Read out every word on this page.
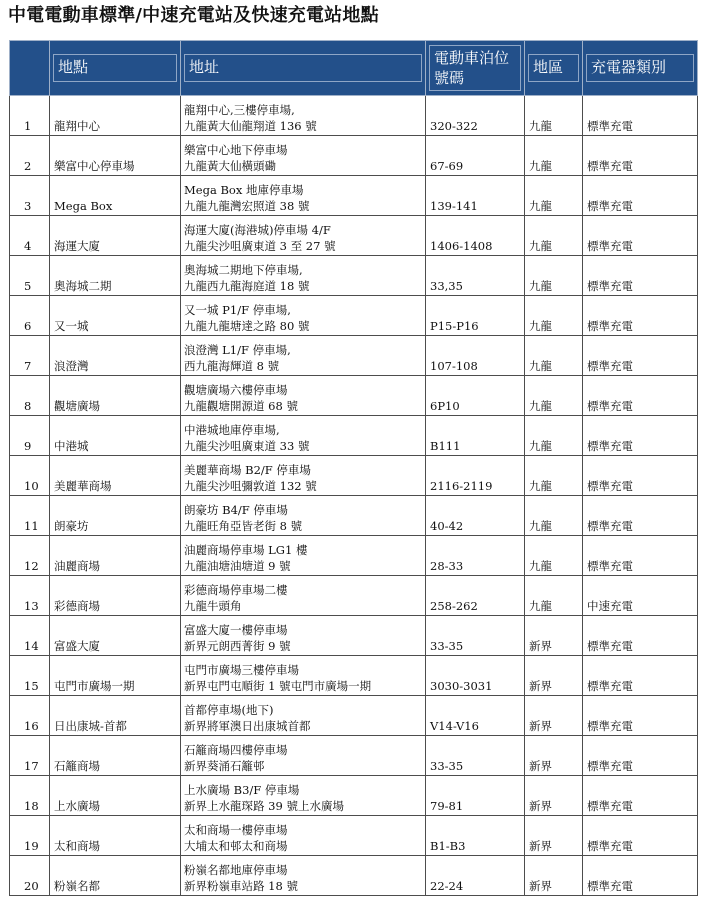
中電電動車標準/中速充電站及快速充電站地點

	地點	地址	電動車泊位號碼	地區	充電器類別

1	龍翔中心	龍翔中心,三樓停車場,
九龍黃大仙龍翔道 136 號	320-322	九龍	標準充電
2	樂富中心停車場	樂富中心地下停車場
九龍黃大仙橫頭磡	67-69	九龍	標準充電
3	Mega Box	Mega Box 地庫停車場
九龍九龍灣宏照道 38 號	139-141	九龍	標準充電
4	海運大廈	海運大廈(海港城)停車場 4/F
九龍尖沙咀廣東道 3 至 27 號	1406-1408	九龍	標準充電
5	奧海城二期	奧海城二期地下停車場,
九龍西九龍海庭道 18 號	33,35	九龍	標準充電
6	又一城	又一城 P1/F 停車場,
九龍九龍塘達之路 80 號	P15-P16	九龍	標準充電
7	浪澄灣	浪澄灣 L1/F 停車場,
西九龍海輝道 8 號	107-108	九龍	標準充電
8	觀塘廣場	觀塘廣場六樓停車場
九龍觀塘開源道 68 號	6P10	九龍	標準充電
9	中港城	中港城地庫停車場,
九龍尖沙咀廣東道 33 號	B111	九龍	標準充電
10	美麗華商場	美麗華商場 B2/F 停車場
九龍尖沙咀彌敦道 132 號	2116-2119	九龍	標準充電
11	朗豪坊	朗豪坊 B4/F 停車場
九龍旺角亞皆老街 8 號	40-42	九龍	標準充電
12	油麗商場	油麗商場停車場 LG1 樓
九龍油塘油塘道 9 號	28-33	九龍	標準充電
13	彩德商場	彩德商場停車場二樓
九龍牛頭角	258-262	九龍	中速充電
14	富盛大廈	富盛大廈一樓停車場
新界元朗西菁街 9 號	33-35	新界	標準充電
15	屯門市廣場一期	屯門市廣場三樓停車場
新界屯門屯順街 1 號屯門市廣場一期	3030-3031	新界	標準充電
16	日出康城-首都	首都停車場(地下)
新界將軍澳日出康城首都	V14-V16	新界	標準充電
17	石籬商場	石籬商場四樓停車場
新界葵涌石籬邨	33-35	新界	標準充電
18	上水廣場	上水廣場 B3/F 停車場
新界上水龍琛路 39 號上水廣場	79-81	新界	標準充電
19	太和商場	太和商場一樓停車場
大埔太和邨太和商場	B1-B3	新界	標準充電
20	粉嶺名都	粉嶺名都地庫停車場
新界粉嶺車站路 18 號	22-24	新界	標準充電
